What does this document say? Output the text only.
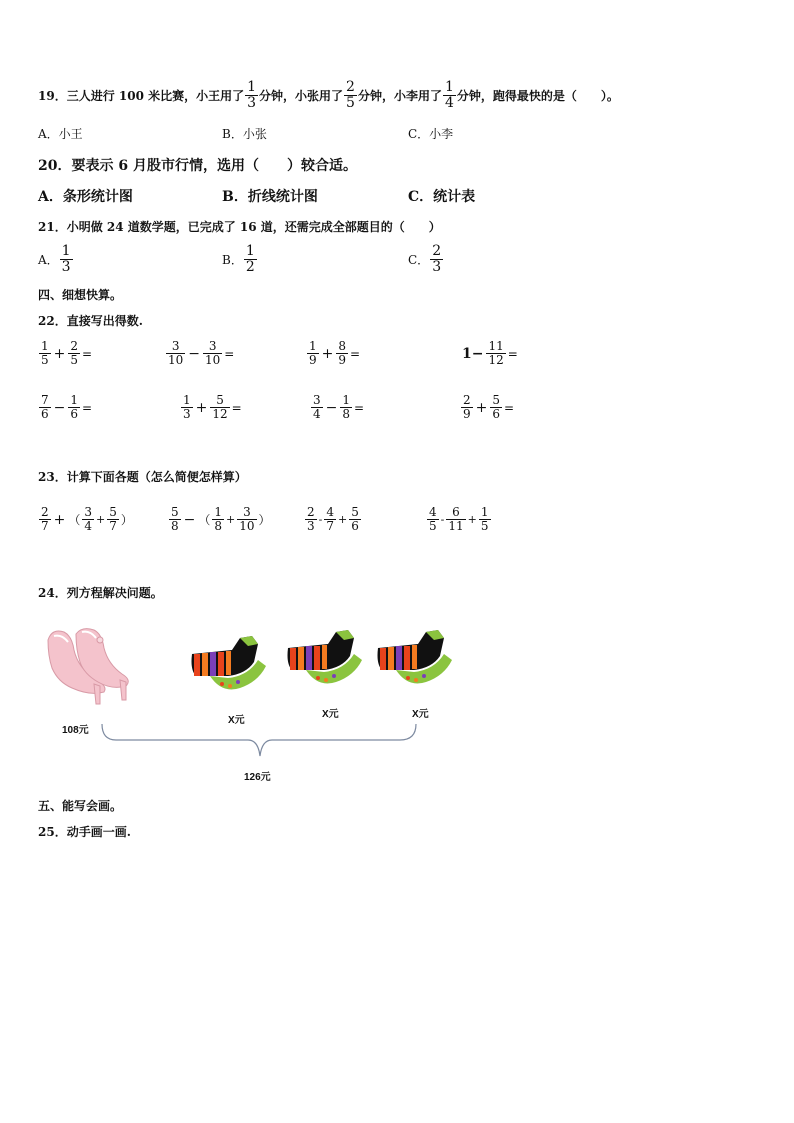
19．三人进行 100 米比赛，小王用了 $\frac{1}{3}$ 分钟，小张用了 $\frac{2}{5}$ 分钟，小李用了 $\frac{1}{4}$ 分钟，跑得最快的是（　　）。
A．小王	B．小张	C．小李
20．要表示 6 月股市行情，选用（　　）较合适。
A．条形统计图	B．折线统计图	C．统计表
21．小明做 24 道数学题，已完成了 16 道，还需完成全部题目的（　　）
A． $\frac{1}{3}$	B． $\frac{1}{2}$	C． $\frac{2}{3}$
四、细想快算。
22．直接写出得数.
$\frac{1}{5} + \frac{2}{5}$ =	$\frac{3}{10} - \frac{3}{10}$ =	$\frac{1}{9} + \frac{8}{9}$ =	$1- \frac{11}{12}$ =
$\frac{7}{6} - \frac{1}{6}$ =	$\frac{1}{3} + \frac{5}{12}$ =	$\frac{3}{4} - \frac{1}{8}$ =	$\frac{2}{9} + \frac{5}{6}$ =
23．计算下面各题（怎么简便怎样算）
$\frac{2}{7}$ + （ $\frac{3}{4} + \frac{5}{7}$ ）	$\frac{5}{8}$ − （ $\frac{1}{8} + \frac{3}{10}$ ）	$\frac{2}{3} - \frac{4}{7} + \frac{5}{6}$	$\frac{4}{5} - \frac{6}{11} + \frac{1}{5}$
24．列方程解决问题。
108元
X元
X元	X元
126元
五、能写会画。
25．动手画一画.
